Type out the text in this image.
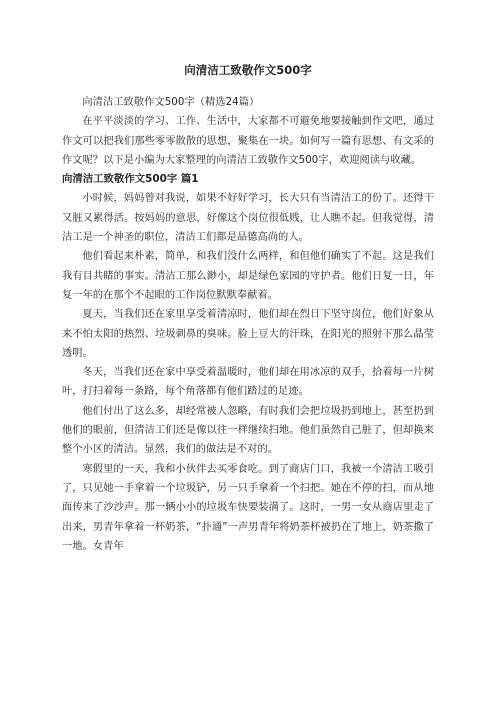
向清洁工致敬作文500字

向清洁工致敬作文500字（精选24篇）

在平平淡淡的学习、工作、生活中，大家都不可避免地要接触到作文吧，通过作文可以把我们那些零零散散的思想，聚集在一块。如何写一篇有思想、有文采的作文呢？以下是小编为大家整理的向清洁工致敬作文500字，欢迎阅读与收藏。

向清洁工致敬作文500字 篇1

小时候，妈妈曾对我说，如果不好好学习，长大只有当清洁工的份了。还得干又脏又累得活。按妈妈的意思，好像这个岗位很低贱，让人瞧不起。但我觉得，清洁工是一个神圣的职位，清洁工们都是品德高尚的人。

他们看起来朴素，简单，和我们没什么两样，和但他们确实了不起。这是我们我有目共睹的事实。清洁工那么渺小，却是绿色家园的守护者。他们日复一日，年复一年的在那个不起眼的工作岗位默默奉献着。

夏天，当我们还在家里享受着清凉时，他们却在烈日下坚守岗位，他们好象从来不怕太阳的热烈、垃圾刺鼻的臭味。脸上豆大的汗珠，在阳光的照射下那么晶莹透明。

冬天，当我们还在家中享受着温暖时，他们却在用冰凉的双手，拾着每一片树叶，打扫着每一条路，每个角落都有他们踏过的足迹。

他们付出了这么多，却经常被人忽略，有时我们会把垃圾扔到地上，甚至扔到他们的眼前，但清洁工们还是像以往一样继续扫地。他们虽然自己脏了，但却换来整个小区的清洁。显然，我们的做法是不对的。

寒假里的一天，我和小伙伴去买零食吃。到了商店门口，我被一个清洁工吸引了，只见她一手拿着一个垃圾铲，另一只手拿着一个扫把。她在不停的扫，而从地面传来了沙沙声。那一辆小小的垃圾车快要装满了。这时，一男一女从商店里走了出来，男青年拿着一杯奶茶，“扑通”一声男青年将奶茶杯被扔在了地上，奶茶撒了一地。女青年
